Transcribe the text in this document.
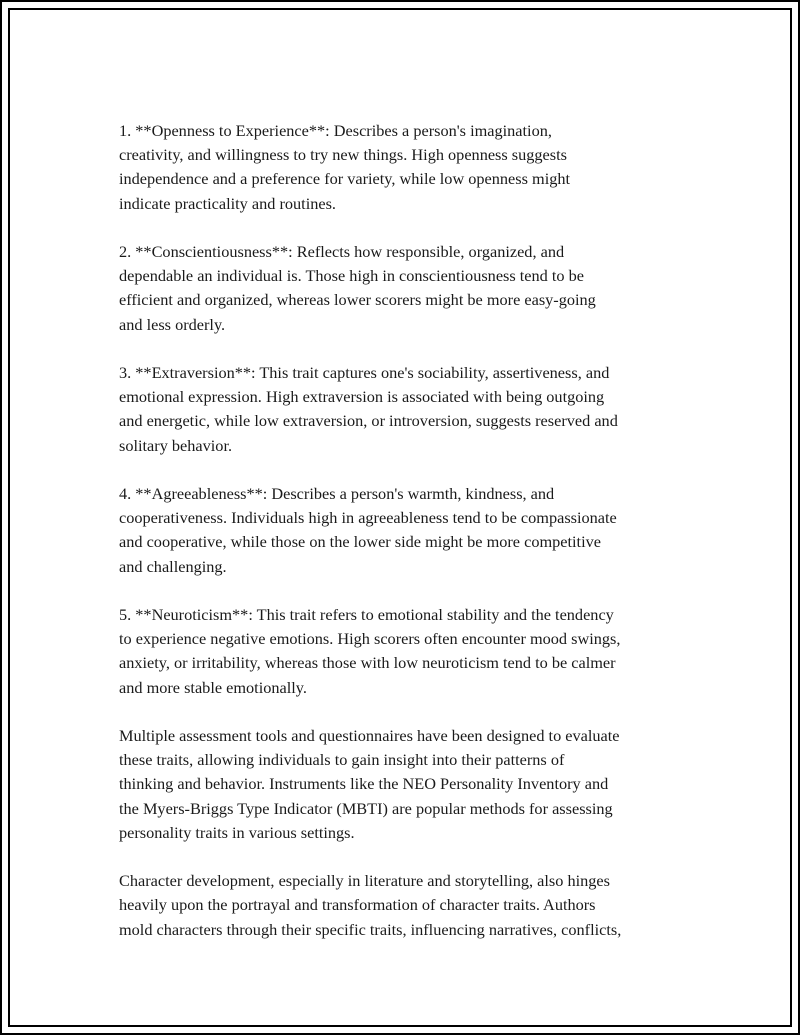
1. **Openness to Experience**: Describes a person's imagination,
creativity, and willingness to try new things. High openness suggests
independence and a preference for variety, while low openness might
indicate practicality and routines.

2. **Conscientiousness**: Reflects how responsible, organized, and
dependable an individual is. Those high in conscientiousness tend to be
efficient and organized, whereas lower scorers might be more easy-going
and less orderly.

3. **Extraversion**: This trait captures one's sociability, assertiveness, and
emotional expression. High extraversion is associated with being outgoing
and energetic, while low extraversion, or introversion, suggests reserved and
solitary behavior.

4. **Agreeableness**: Describes a person's warmth, kindness, and
cooperativeness. Individuals high in agreeableness tend to be compassionate
and cooperative, while those on the lower side might be more competitive
and challenging.

5. **Neuroticism**: This trait refers to emotional stability and the tendency
to experience negative emotions. High scorers often encounter mood swings,
anxiety, or irritability, whereas those with low neuroticism tend to be calmer
and more stable emotionally.

Multiple assessment tools and questionnaires have been designed to evaluate
these traits, allowing individuals to gain insight into their patterns of
thinking and behavior. Instruments like the NEO Personality Inventory and
the Myers-Briggs Type Indicator (MBTI) are popular methods for assessing
personality traits in various settings.

Character development, especially in literature and storytelling, also hinges
heavily upon the portrayal and transformation of character traits. Authors
mold characters through their specific traits, influencing narratives, conflicts,
